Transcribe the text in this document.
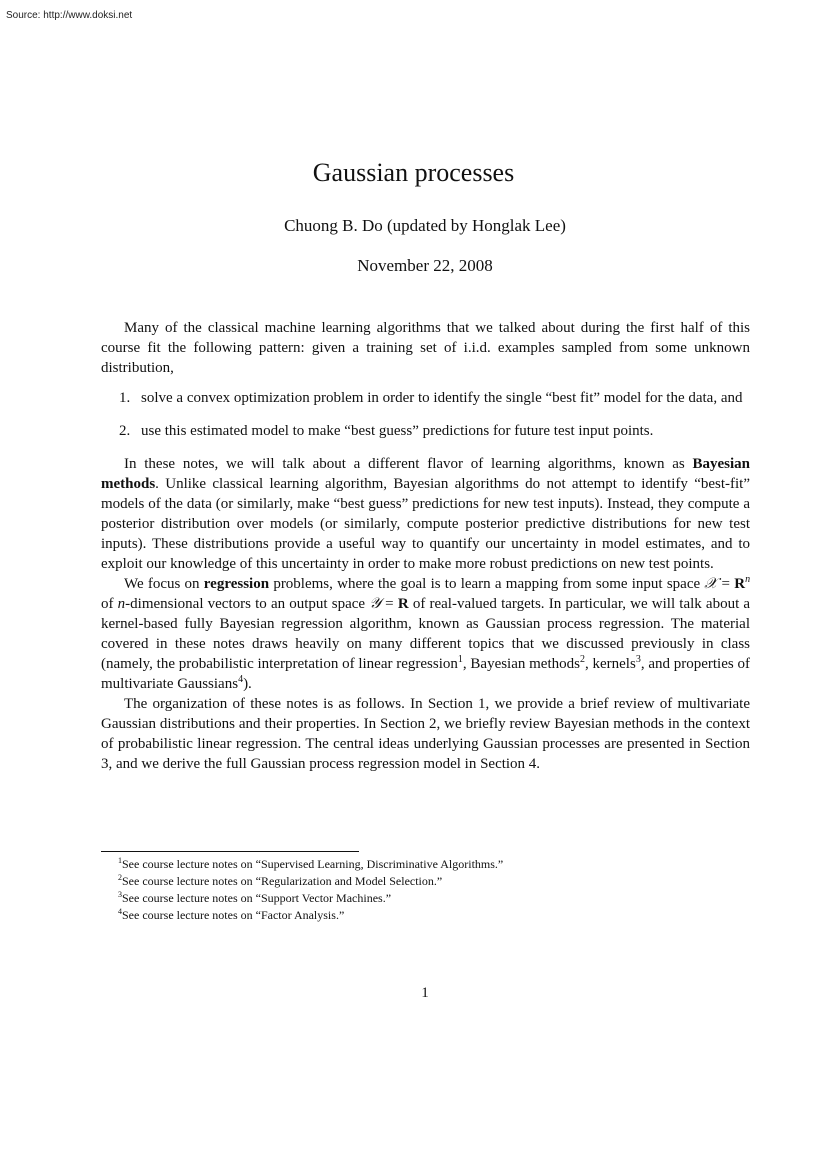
Source: http://www.doksi.net
Gaussian processes
Chuong B. Do (updated by Honglak Lee)
November 22, 2008

Many of the classical machine learning algorithms that we talked about during the first half of this course fit the following pattern: given a training set of i.i.d. examples sampled from some unknown distribution,

1. solve a convex optimization problem in order to identify the single “best fit” model for the data, and
2. use this estimated model to make “best guess” predictions for future test input points.

In these notes, we will talk about a different flavor of learning algorithms, known as Bayesian methods. Unlike classical learning algorithm, Bayesian algorithms do not attempt to identify “best-fit” models of the data (or similarly, make “best guess” predictions for new test inputs). Instead, they compute a posterior distribution over models (or similarly, compute posterior predictive distributions for new test inputs). These distributions provide a useful way to quantify our uncertainty in model estimates, and to exploit our knowledge of this uncertainty in order to make more robust predictions on new test points.

We focus on regression problems, where the goal is to learn a mapping from some input space 𝒳 = $R^n$ of n-dimensional vectors to an output space 𝒴 = R of real-valued targets. In particular, we will talk about a kernel-based fully Bayesian regression algorithm, known as Gaussian process regression. The material covered in these notes draws heavily on many different topics that we discussed previously in class (namely, the probabilistic interpretation of linear regression$^1$, Bayesian methods$^2$, kernels$^3$, and properties of multivariate Gaussians$^4$).

The organization of these notes is as follows. In Section 1, we provide a brief review of multivariate Gaussian distributions and their properties. In Section 2, we briefly review Bayesian methods in the context of probabilistic linear regression. The central ideas underlying Gaussian processes are presented in Section 3, and we derive the full Gaussian process regression model in Section 4.

$^1$See course lecture notes on “Supervised Learning, Discriminative Algorithms.”
$^2$See course lecture notes on “Regularization and Model Selection.”
$^3$See course lecture notes on “Support Vector Machines.”
$^4$See course lecture notes on “Factor Analysis.”
1
